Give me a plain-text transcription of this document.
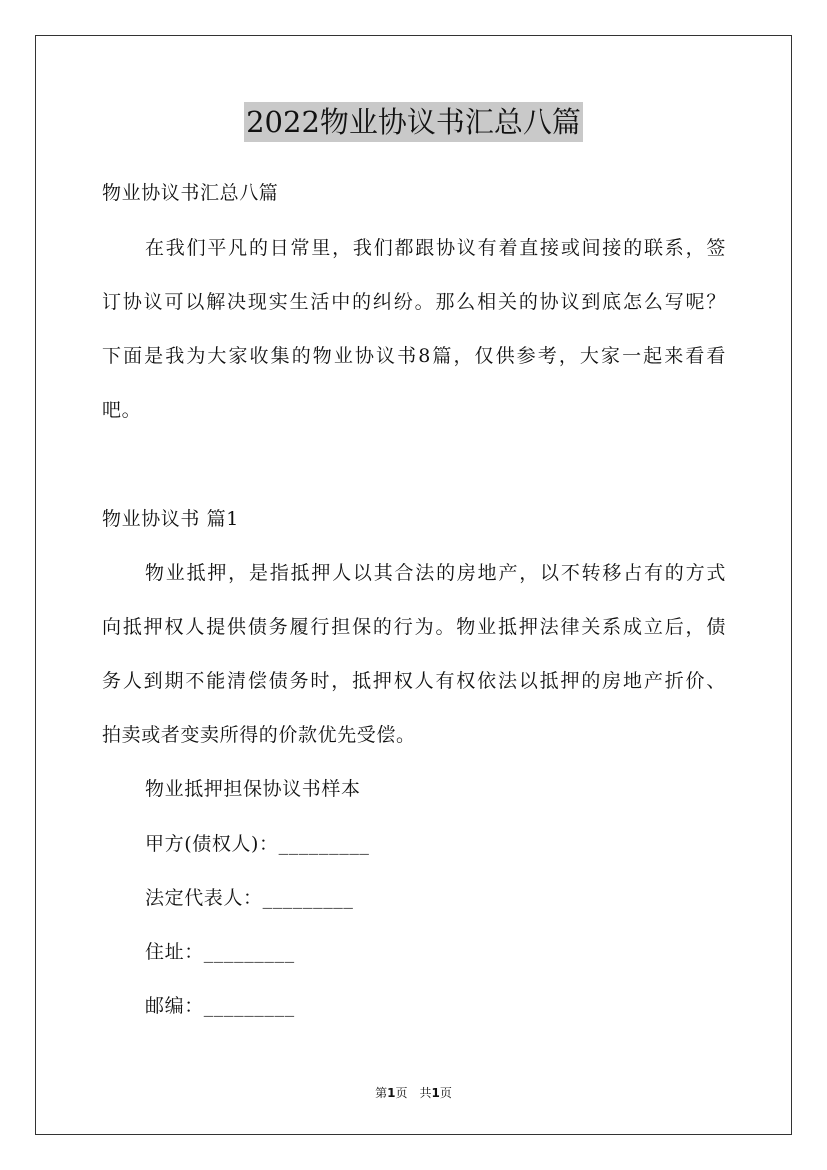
2022物业协议书汇总八篇
物业协议书汇总八篇
在我们平凡的日常里，我们都跟协议有着直接或间接的联系，签
订协议可以解决现实生活中的纠纷。那么相关的协议到底怎么写呢？
下面是我为大家收集的物业协议书8篇，仅供参考，大家一起来看看
吧。
物业协议书 篇1
物业抵押，是指抵押人以其合法的房地产，以不转移占有的方式
向抵押权人提供债务履行担保的行为。物业抵押法律关系成立后，债
务人到期不能清偿债务时，抵押权人有权依法以抵押的房地产折价、
拍卖或者变卖所得的价款优先受偿。
物业抵押担保协议书样本
甲方(债权人)：_________
法定代表人：_________
住址：_________
邮编：_________
第1页 共1页
